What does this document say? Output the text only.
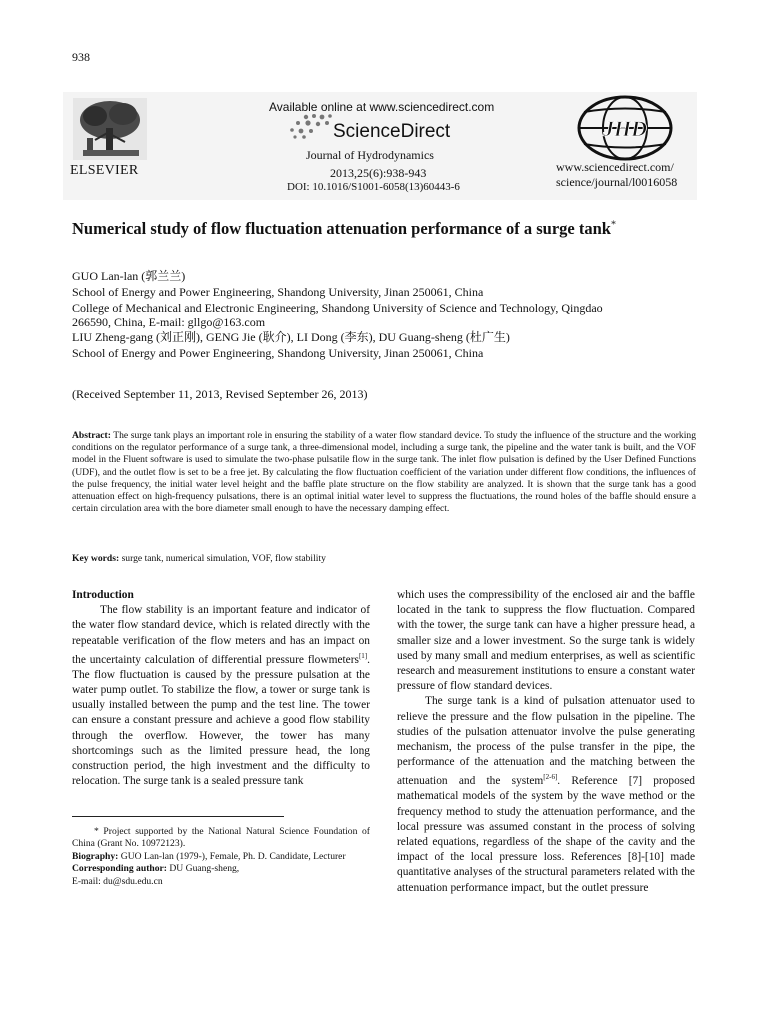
938
ELSEVIER
Available online at www.sciencedirect.com
ScienceDirect
Journal of Hydrodynamics
2013,25(6):938-943
DOI: 10.1016/S1001-6058(13)60443-6
JHD
www.sciencedirect.com/
science/journal/l0016058
Numerical study of flow fluctuation attenuation performance of a surge tank*
GUO Lan-lan (郭兰兰)
School of Energy and Power Engineering, Shandong University, Jinan 250061, China
College of Mechanical and Electronic Engineering, Shandong University of Science and Technology, Qingdao
266590, China, E-mail: gllgo@163.com
LIU Zheng-gang (刘正刚), GENG Jie (耿介), LI Dong (李东), DU Guang-sheng (杜广生)
School of Energy and Power Engineering, Shandong University, Jinan 250061, China
(Received September 11, 2013, Revised September 26, 2013)
Abstract: The surge tank plays an important role in ensuring the stability of a water flow standard device. To study the influence of the structure and the working conditions on the regulator performance of a surge tank, a three-dimensional model, including a surge tank, the pipeline and the water tank is built, and the VOF model in the Fluent software is used to simulate the two-phase pulsatile flow in the surge tank. The inlet flow pulsation is defined by the User Defined Functions (UDF), and the outlet flow is set to be a free jet. By calculating the flow fluctuation coefficient of the variation under different flow conditions, the influences of the pulse frequency, the initial water level height and the baffle plate structure on the flow stability are analyzed. It is shown that the surge tank has a good attenuation effect on high-frequency pulsations, there is an optimal initial water level to suppress the fluctuations, the round holes of the baffle should ensure a certain circulation area with the bore diameter small enough to have the necessary damping effect.
Key words: surge tank, numerical simulation, VOF, flow stability

Introduction

The flow stability is an important feature and indicator of the water flow standard device, which is related directly with the repeatable verification of the flow meters and has an impact on the uncertainty calculation of differential pressure flowmeters[1]. The flow fluctuation is caused by the pressure pulsation at the water pump outlet. To stabilize the flow, a tower or surge tank is usually installed between the pump and the test line. The tower can ensure a constant pressure and achieve a good flow stability through the overflow. However, the tower has many shortcomings such as the limited pressure head, the long construction period, the high investment and the difficulty to relocation. The surge tank is a sealed pressure tank

* Project supported by the National Natural Science Foundation of China (Grant No. 10972123).

Biography: GUO Lan-lan (1979-), Female, Ph. D. Candidate, Lecturer

Corresponding author: DU Guang-sheng,

E-mail: du@sdu.edu.cn

which uses the compressibility of the enclosed air and the baffle located in the tank to suppress the flow fluctuation. Compared with the tower, the surge tank can have a higher pressure head, a smaller size and a lower investment. So the surge tank is widely used by many small and medium enterprises, as well as scientific research and measurement institutions to ensure a constant water pressure of flow standard devices.

The surge tank is a kind of pulsation attenuator used to relieve the pressure and the flow pulsation in the pipeline. The studies of the pulsation attenuator involve the pulse generating mechanism, the process of the pulse transfer in the pipe, the performance of the attenuation and the matching between the attenuation and the system[2-6]. Reference [7] proposed mathematical models of the system by the wave method or the frequency method to study the attenuation performance, and the local pressure was assumed constant in the process of solving related equations, regardless of the shape of the cavity and the impact of the local pressure loss. References [8]-[10] made quantitative analyses of the structural parameters related with the attenuation performance impact, but the outlet pressure
